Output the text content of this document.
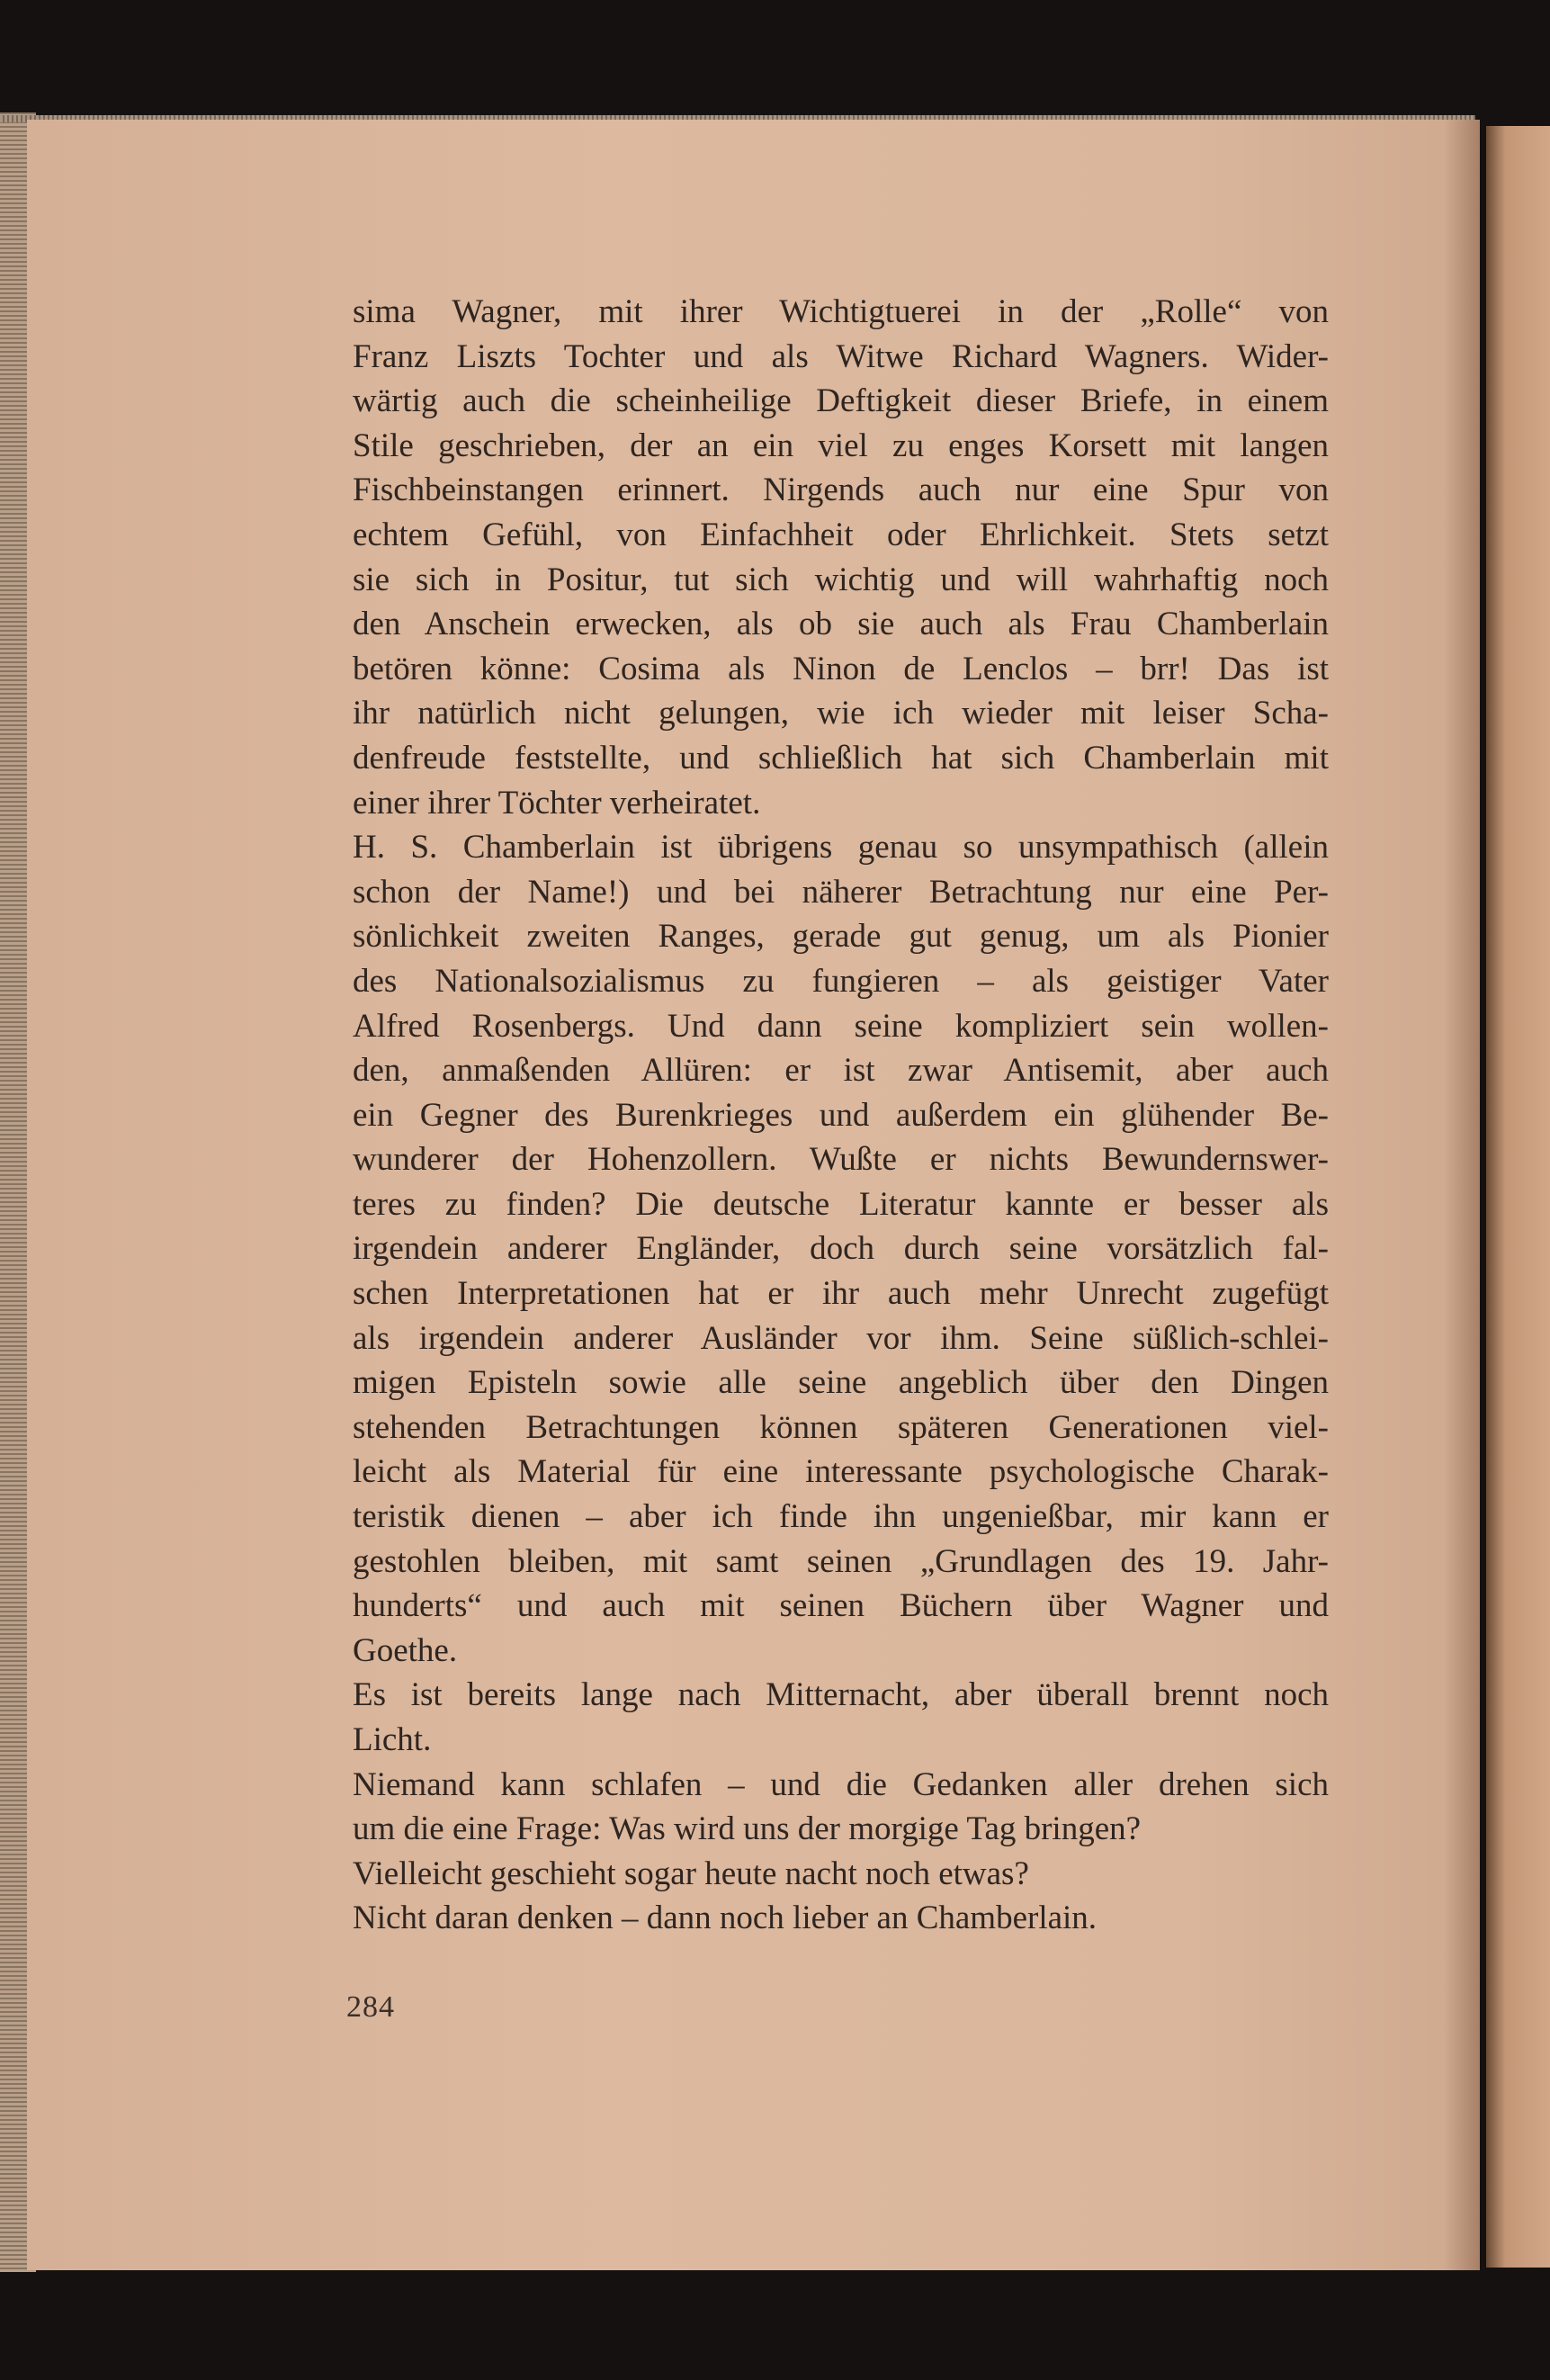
sima Wagner, mit ihrer Wichtigtuerei in der „Rolle“ von
Franz Liszts Tochter und als Witwe Richard Wagners. Wider-
wärtig auch die scheinheilige Deftigkeit dieser Briefe, in einem
Stile geschrieben, der an ein viel zu enges Korsett mit langen
Fischbeinstangen erinnert. Nirgends auch nur eine Spur von
echtem Gefühl, von Einfachheit oder Ehrlichkeit. Stets setzt
sie sich in Positur, tut sich wichtig und will wahrhaftig noch
den Anschein erwecken, als ob sie auch als Frau Chamberlain
betören könne: Cosima als Ninon de Lenclos – brr! Das ist
ihr natürlich nicht gelungen, wie ich wieder mit leiser Scha-
denfreude feststellte, und schließlich hat sich Chamberlain mit
einer ihrer Töchter verheiratet.
H. S. Chamberlain ist übrigens genau so unsympathisch (allein
schon der Name!) und bei näherer Betrachtung nur eine Per-
sönlichkeit zweiten Ranges, gerade gut genug, um als Pionier
des Nationalsozialismus zu fungieren – als geistiger Vater
Alfred Rosenbergs. Und dann seine kompliziert sein wollen-
den, anmaßenden Allüren: er ist zwar Antisemit, aber auch
ein Gegner des Burenkrieges und außerdem ein glühender Be-
wunderer der Hohenzollern. Wußte er nichts Bewundernswer-
teres zu finden? Die deutsche Literatur kannte er besser als
irgendein anderer Engländer, doch durch seine vorsätzlich fal-
schen Interpretationen hat er ihr auch mehr Unrecht zugefügt
als irgendein anderer Ausländer vor ihm. Seine süßlich-schlei-
migen Episteln sowie alle seine angeblich über den Dingen
stehenden Betrachtungen können späteren Generationen viel-
leicht als Material für eine interessante psychologische Charak-
teristik dienen – aber ich finde ihn ungenießbar, mir kann er
gestohlen bleiben, mit samt seinen „Grundlagen des 19. Jahr-
hunderts“ und auch mit seinen Büchern über Wagner und
Goethe.
Es ist bereits lange nach Mitternacht, aber überall brennt noch
Licht.
Niemand kann schlafen – und die Gedanken aller drehen sich
um die eine Frage: Was wird uns der morgige Tag bringen?
Vielleicht geschieht sogar heute nacht noch etwas?
Nicht daran denken – dann noch lieber an Chamberlain.
284
